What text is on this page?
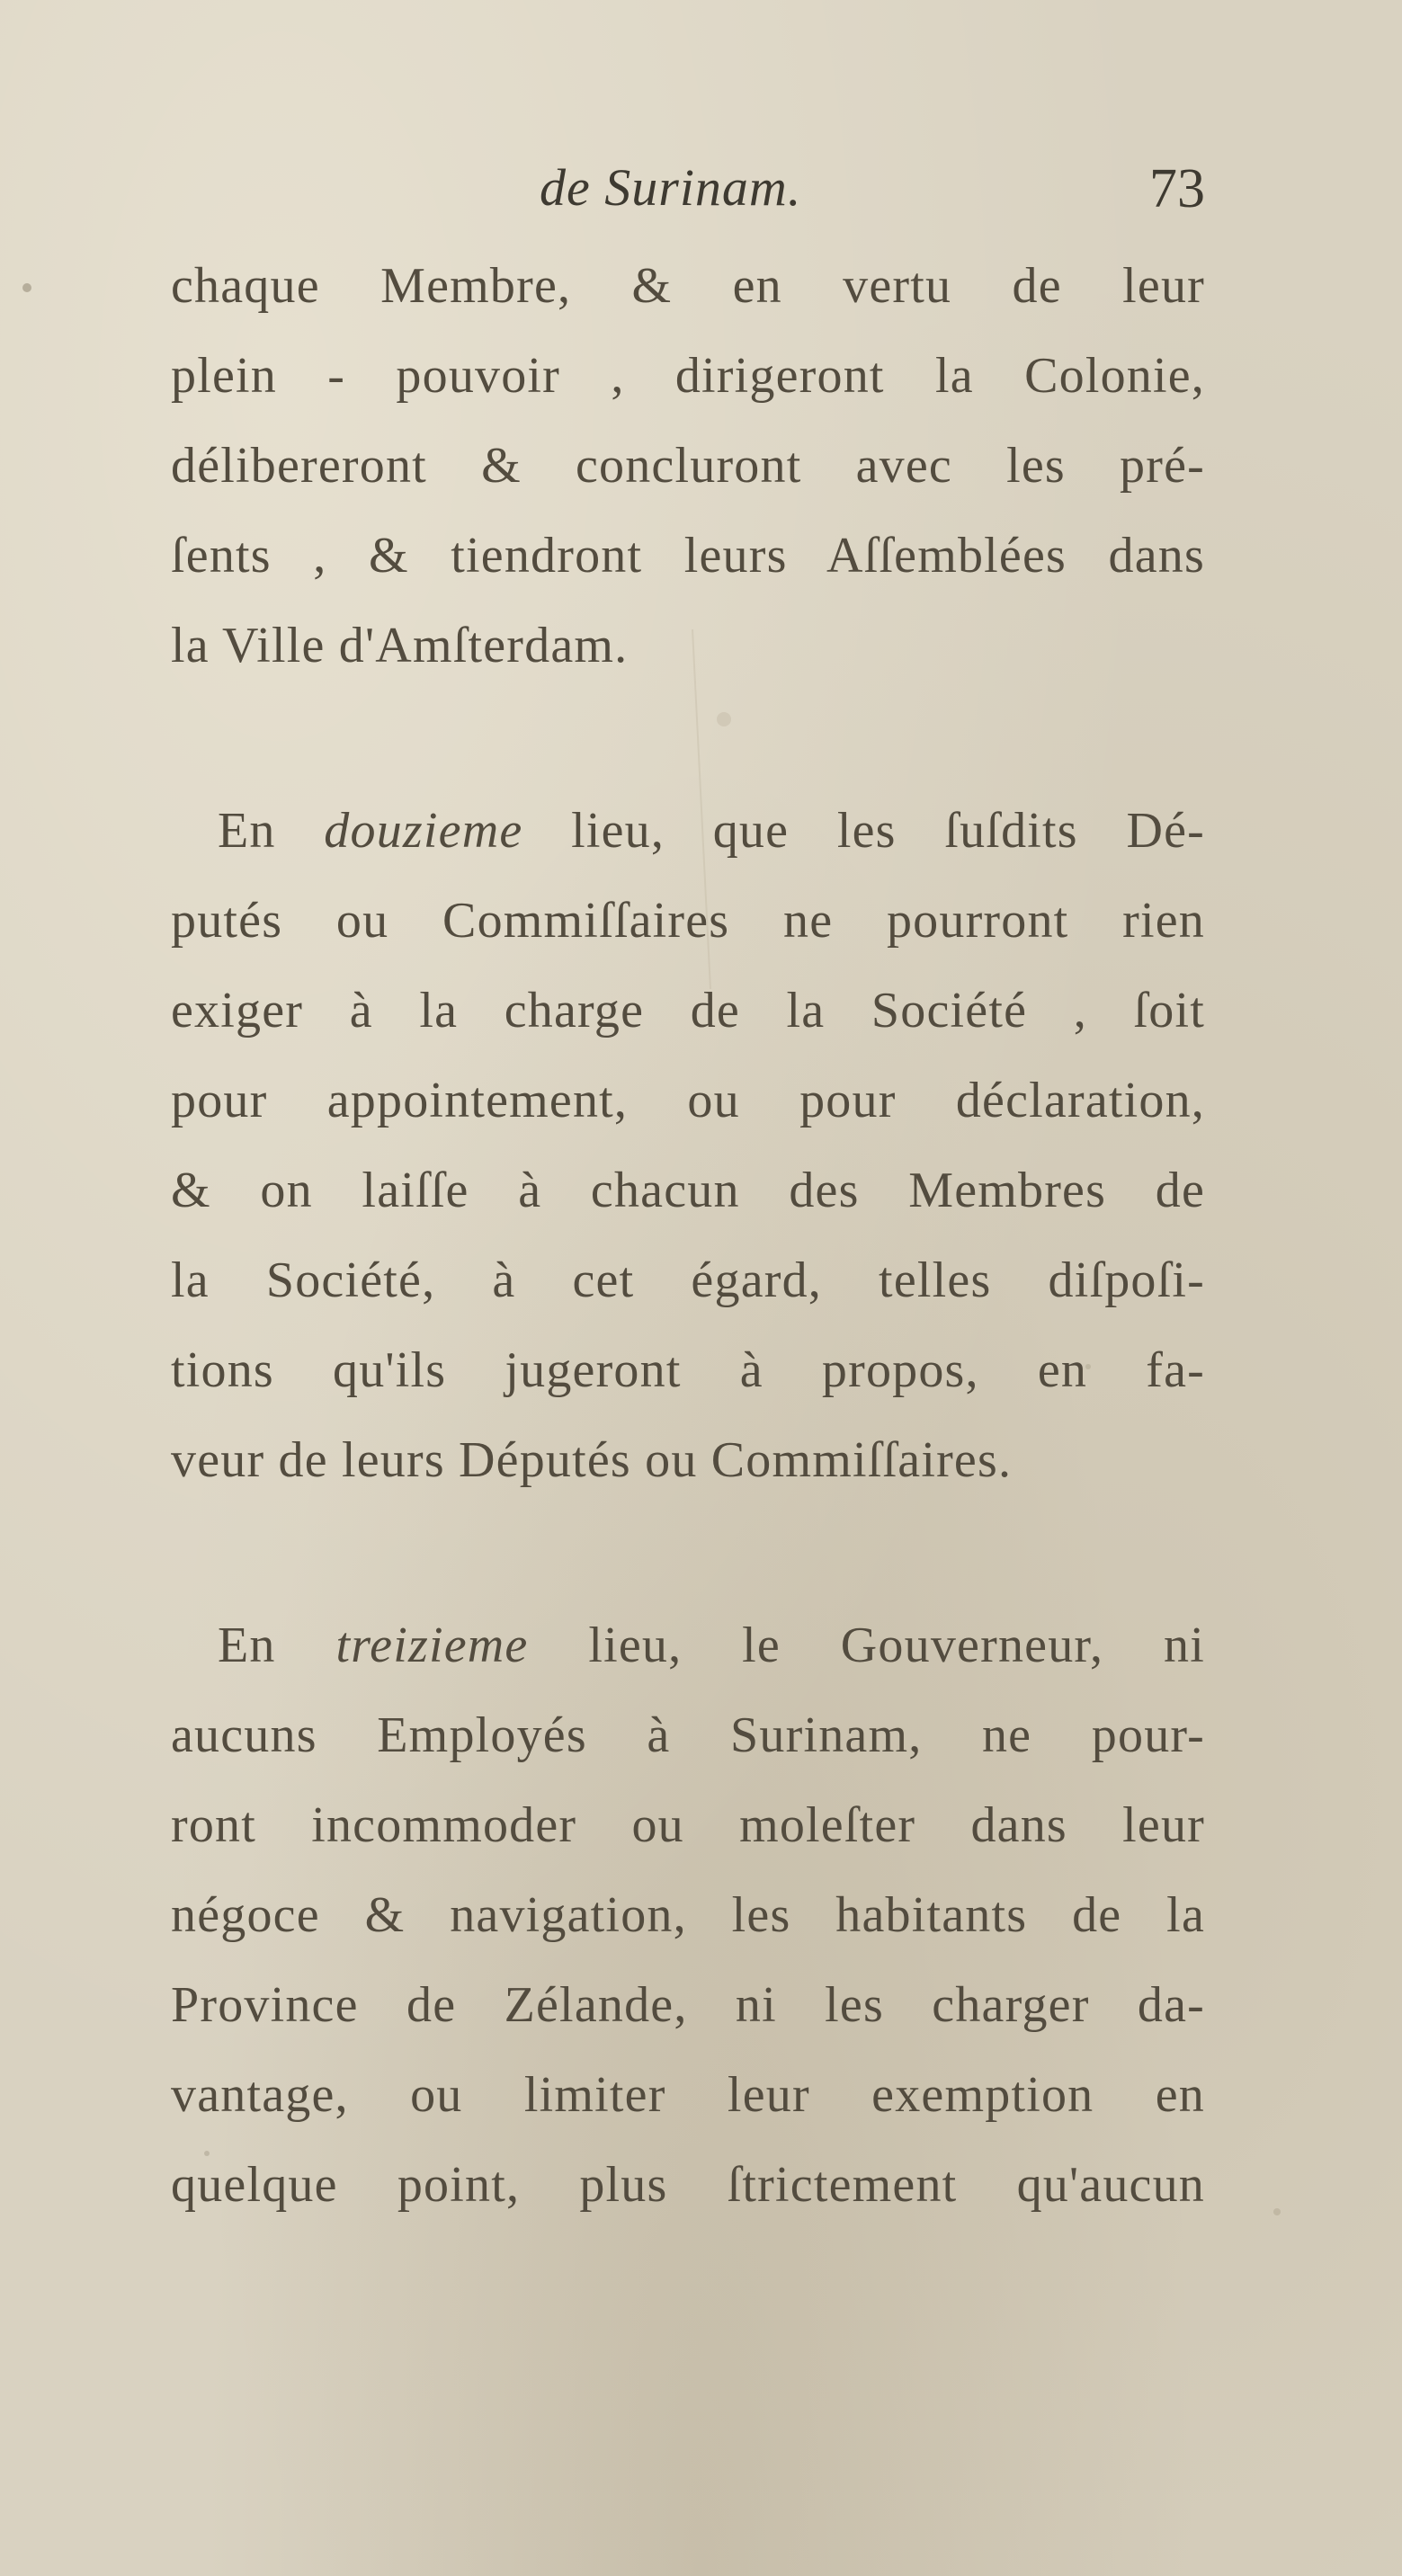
de Surinam.	73

chaque Membre, & en vertu de leur
plein - pouvoir , dirigeront la Colonie,
délibereront & concluront avec les pré-
ſents , & tiendront leurs Aſſemblées dans
la Ville d'Amſterdam.

En douzieme lieu, que les ſuſdits Dé-
putés ou Commiſſaires ne pourront rien
exiger à la charge de la Société , ſoit
pour appointement, ou pour déclaration,
& on laiſſe à chacun des Membres de
la Société, à cet égard, telles diſpoſi-
tions qu'ils jugeront à propos, en fa-
veur de leurs Députés ou Commiſſaires.

En treizieme lieu, le Gouverneur, ni
aucuns Employés à Surinam, ne pour-
ront incommoder ou moleſter dans leur
négoce & navigation, les habitants de la
Province de Zélande, ni les charger da-
vantage, ou limiter leur exemption en
quelque point, plus ſtrictement qu'aucun
